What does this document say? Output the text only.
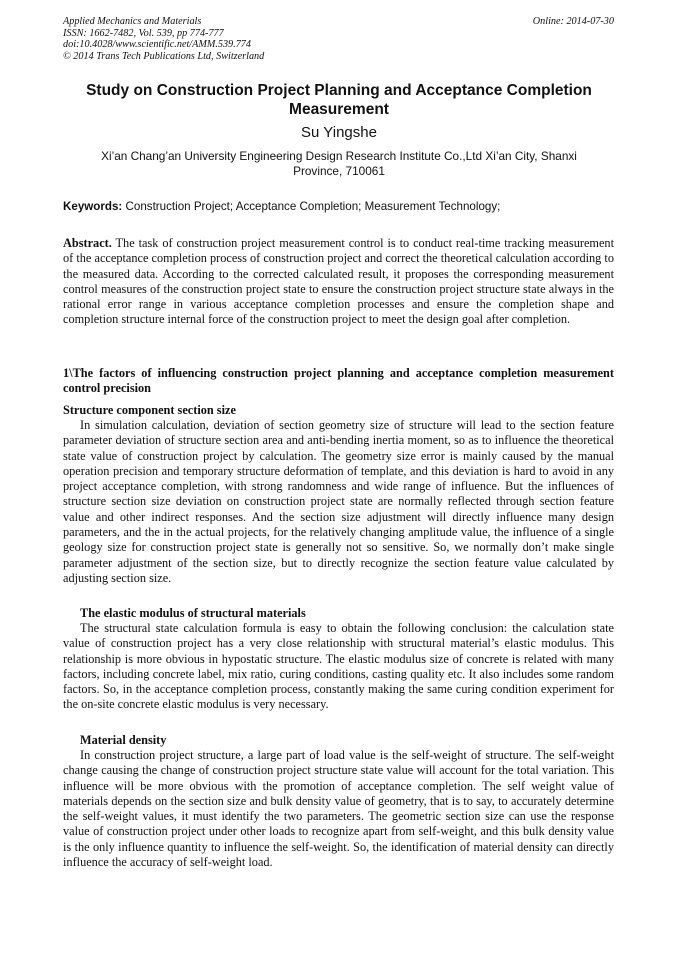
Applied Mechanics and Materials
ISSN: 1662-7482, Vol. 539, pp 774-777
doi:10.4028/www.scientific.net/AMM.539.774
© 2014 Trans Tech Publications Ltd, Switzerland
Online: 2014-07-30
Study on Construction Project Planning and Acceptance Completion Measurement
Su Yingshe
Xi’an Chang’an University Engineering Design Research Institute Co.,Ltd Xi’an City, Shanxi Province, 710061
Keywords: Construction Project; Acceptance Completion; Measurement Technology;
Abstract. The task of construction project measurement control is to conduct real-time tracking measurement of the acceptance completion process of construction project and correct the theoretical calculation according to the measured data. According to the corrected calculated result, it proposes the corresponding measurement control measures of the construction project state to ensure the construction project structure state always in the rational error range in various acceptance completion processes and ensure the completion shape and completion structure internal force of the construction project to meet the design goal after completion.
1\The factors of influencing construction project planning and acceptance completion measurement control precision
Structure component section size
In simulation calculation, deviation of section geometry size of structure will lead to the section feature parameter deviation of structure section area and anti-bending inertia moment, so as to influence the theoretical state value of construction project by calculation. The geometry size error is mainly caused by the manual operation precision and temporary structure deformation of template, and this deviation is hard to avoid in any project acceptance completion, with strong randomness and wide range of influence. But the influences of structure section size deviation on construction project state are normally reflected through section feature value and other indirect responses. And the section size adjustment will directly influence many design parameters, and the in the actual projects, for the relatively changing amplitude value, the influence of a single geology size for construction project state is generally not so sensitive. So, we normally don’t make single parameter adjustment of the section size, but to directly recognize the section feature value calculated by adjusting section size.
The elastic modulus of structural materials
The structural state calculation formula is easy to obtain the following conclusion: the calculation state value of construction project has a very close relationship with structural material’s elastic modulus. This relationship is more obvious in hypostatic structure. The elastic modulus size of concrete is related with many factors, including concrete label, mix ratio, curing conditions, casting quality etc. It also includes some random factors. So, in the acceptance completion process, constantly making the same curing condition experiment for the on-site concrete elastic modulus is very necessary.
Material density
In construction project structure, a large part of load value is the self-weight of structure. The self-weight change causing the change of construction project structure state value will account for the total variation. This influence will be more obvious with the promotion of acceptance completion. The self weight value of materials depends on the section size and bulk density value of geometry, that is to say, to accurately determine the self-weight values, it must identify the two parameters. The geometric section size can use the response value of construction project under other loads to recognize apart from self-weight, and this bulk density value is the only influence quantity to influence the self-weight. So, the identification of material density can directly influence the accuracy of self-weight load.
